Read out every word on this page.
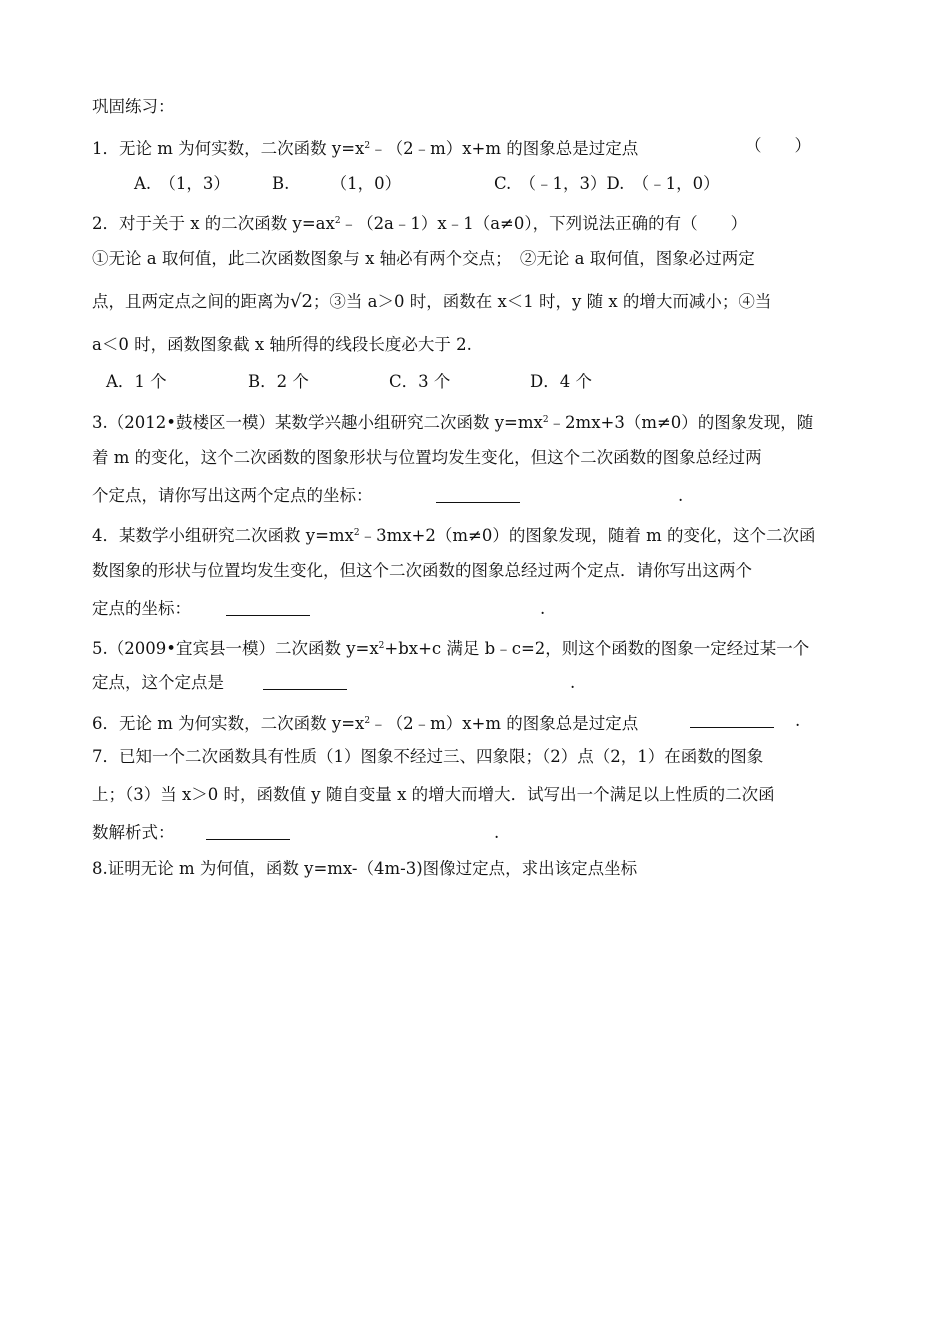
巩固练习：
1．无论 m 为何实数，二次函数 $y=x^2﹣(2﹣m)x+m$ 的图象总是过定点	（　　）
A.　（1，3）	B.　　　（1，0）	C.　（﹣1，3）D.　（﹣1，0）
2．对于关于 x 的二次函数 $y=ax^2﹣(2a﹣1)x﹣1(a\ne 0)$，下列说法正确的有（　　）
①无论 a 取何值，此二次函数图象与 x 轴必有两个交点；　②无论 a 取何值，图象必过两定
点，且两定点之间的距离为√2；③当 a＞0 时，函数在 x＜1 时，y 随 x 的增大而减小；④当
a＜0 时，函数图象截 x 轴所得的线段长度必大于 2.
A．1 个	B．2 个	C．3 个	D．4 个
3.（2012•鼓楼区一模）某数学兴趣小组研究二次函数 $y=mx^2﹣2mx+3(m\ne 0)$的图象发现，随
着 m 的变化，这个二次函数的图象形状与位置均发生变化，但这个二次函数的图象总经过两
个定点，请你写出这两个定点的坐标：	.
4．某数学小组研究二次函救 $y=mx^2﹣3mx+2(m\ne 0)$的图象发现，随着 m 的变化，这个二次函
数图象的形状与位置均发生变化，但这个二次函数的图象总经过两个定点．请你写出这两个
定点的坐标：	.
5.（2009•宜宾县一模）二次函数 $y=x^2+bx+c$ 满足 b﹣c=2，则这个函数的图象一定经过某一个
定点，这个定点是	.
6．无论 m 为何实数，二次函数 $y=x^2﹣(2﹣m)x+m$ 的图象总是过定点	.
7．已知一个二次函数具有性质（1）图象不经过三、四象限；（2）点（2，1）在函数的图象
上；（3）当 x＞0 时，函数值 y 随自变量 x 的增大而增大．试写出一个满足以上性质的二次函
数解析式：	.
8.证明无论 m 为何值，函数 y=mx-（4m-3)图像过定点，求出该定点坐标
